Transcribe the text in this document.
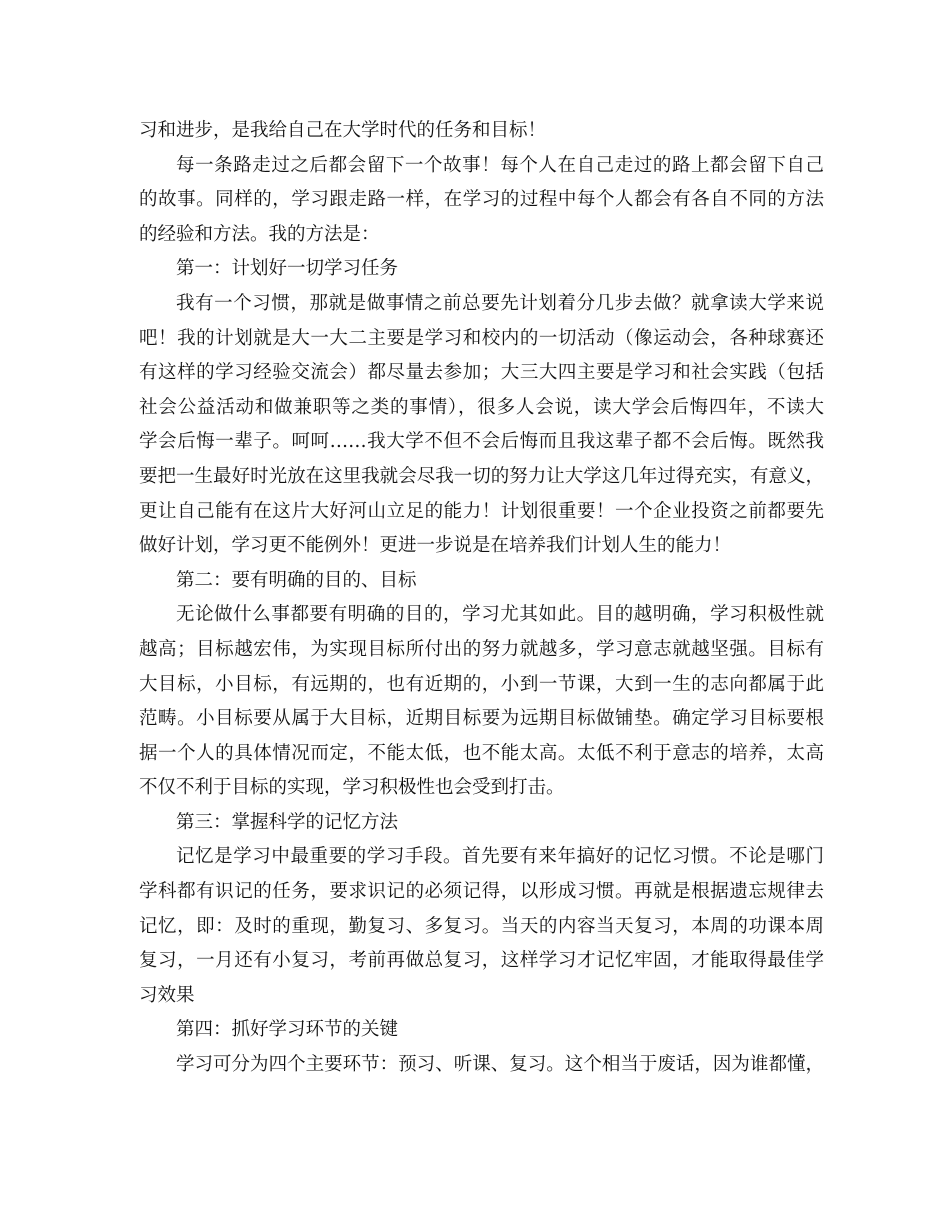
习和进步，是我给自己在大学时代的任务和目标！
每一条路走过之后都会留下一个故事！每个人在自己走过的路上都会留下自己
的故事。同样的，学习跟走路一样，在学习的过程中每个人都会有各自不同的方法
的经验和方法。我的方法是：
第一：计划好一切学习任务
我有一个习惯，那就是做事情之前总要先计划着分几步去做？就拿读大学来说
吧！我的计划就是大一大二主要是学习和校内的一切活动（像运动会，各种球赛还
有这样的学习经验交流会）都尽量去参加；大三大四主要是学习和社会实践（包括
社会公益活动和做兼职等之类的事情），很多人会说，读大学会后悔四年，不读大
学会后悔一辈子。呵呵……我大学不但不会后悔而且我这辈子都不会后悔。既然我
要把一生最好时光放在这里我就会尽我一切的努力让大学这几年过得充实，有意义，
更让自己能有在这片大好河山立足的能力！计划很重要！一个企业投资之前都要先
做好计划，学习更不能例外！更进一步说是在培养我们计划人生的能力！
第二：要有明确的目的、目标
无论做什么事都要有明确的目的，学习尤其如此。目的越明确，学习积极性就
越高；目标越宏伟，为实现目标所付出的努力就越多，学习意志就越坚强。目标有
大目标，小目标，有远期的，也有近期的，小到一节课，大到一生的志向都属于此
范畴。小目标要从属于大目标，近期目标要为远期目标做铺垫。确定学习目标要根
据一个人的具体情况而定，不能太低，也不能太高。太低不利于意志的培养，太高
不仅不利于目标的实现，学习积极性也会受到打击。
第三：掌握科学的记忆方法
记忆是学习中最重要的学习手段。首先要有来年搞好的记忆习惯。不论是哪门
学科都有识记的任务，要求识记的必须记得，以形成习惯。再就是根据遗忘规律去
记忆，即：及时的重现，勤复习、多复习。当天的内容当天复习，本周的功课本周
复习，一月还有小复习，考前再做总复习，这样学习才记忆牢固，才能取得最佳学
习效果
第四：抓好学习环节的关键
学习可分为四个主要环节：预习、听课、复习。这个相当于废话，因为谁都懂，
